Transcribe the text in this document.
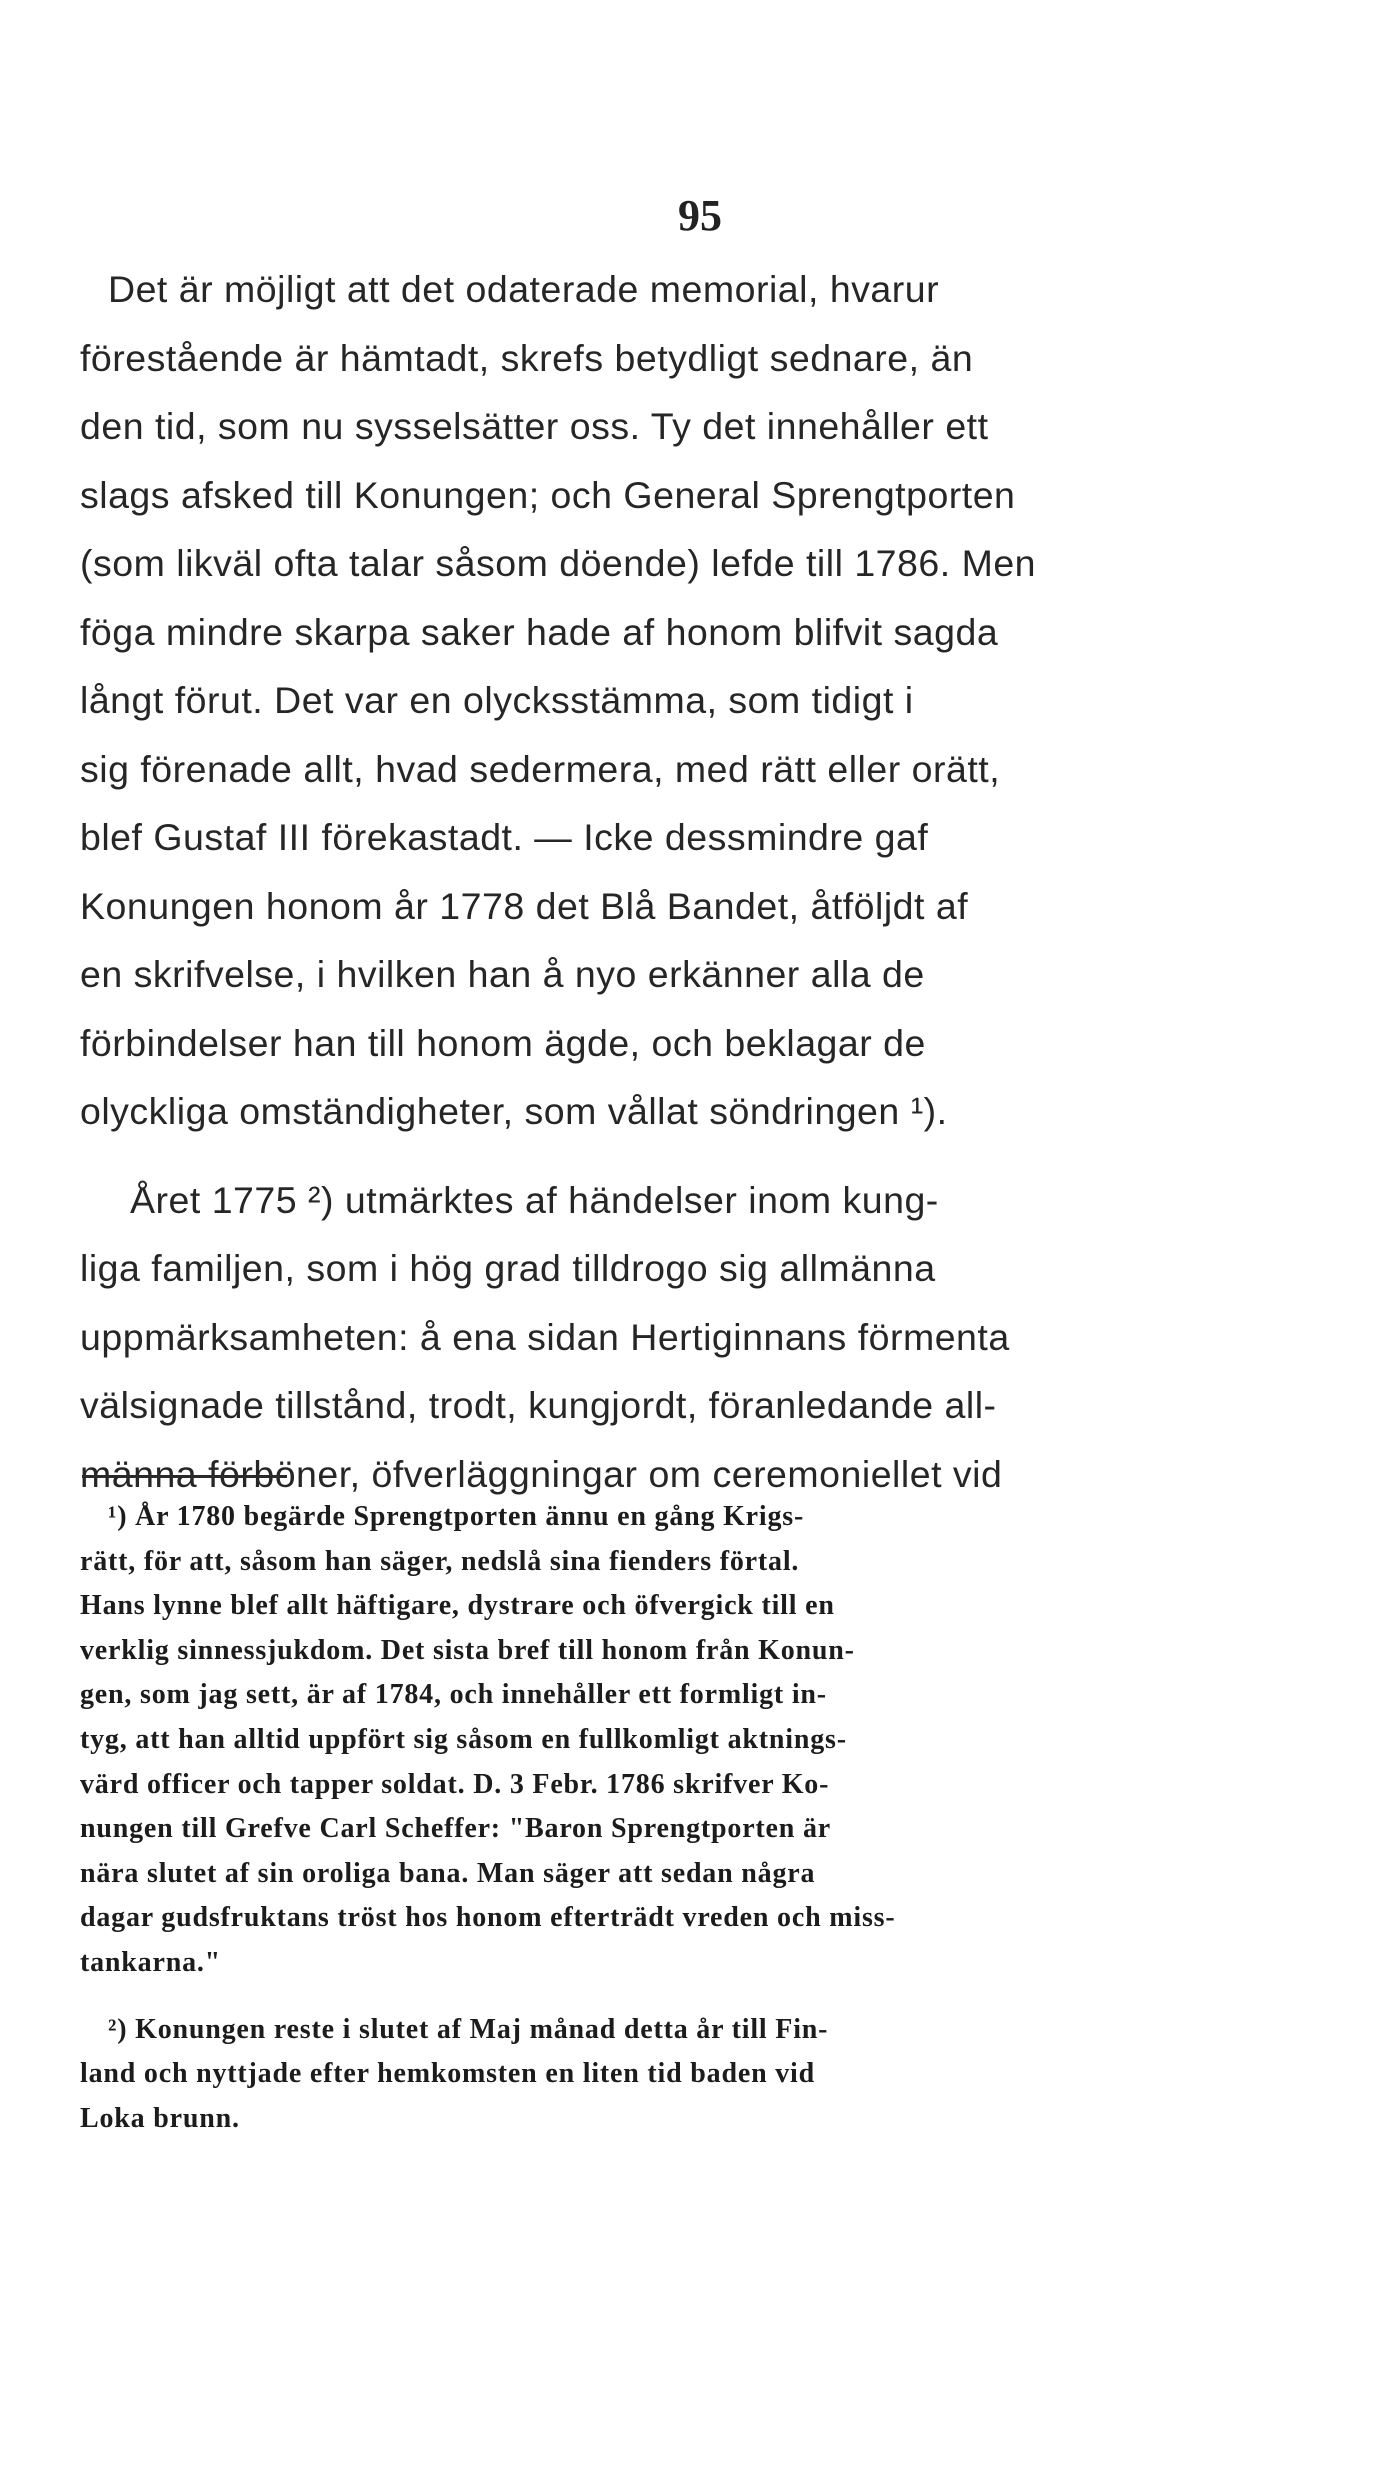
95
Det är möjligt att det odaterade memorial, hvarur
förestående är hämtadt, skrefs betydligt sednare, än
den tid, som nu sysselsätter oss. Ty det innehåller ett
slags afsked till Konungen; och General Sprengtporten
(som likväl ofta talar såsom döende) lefde till 1786. Men
föga mindre skarpa saker hade af honom blifvit sagda
långt förut. Det var en olycksstämma, som tidigt i
sig förenade allt, hvad sedermera, med rätt eller orätt,
blef Gustaf III förekastadt. — Icke dessmindre gaf
Konungen honom år 1778 det Blå Bandet, åtföljdt af
en skrifvelse, i hvilken han å nyo erkänner alla de
förbindelser han till honom ägde, och beklagar de
olyckliga omständigheter, som vållat söndringen ¹).
Året 1775 ²) utmärktes af händelser inom kung-
liga familjen, som i hög grad tilldrogo sig allmänna
uppmärksamheten: å ena sidan Hertiginnans förmenta
välsignade tillstånd, trodt, kungjordt, föranledande all-
männa förböner, öfverläggningar om ceremoniellet vid
¹) År 1780 begärde Sprengtporten ännu en gång Krigs-
rätt, för att, såsom han säger, nedslå sina fienders förtal.
Hans lynne blef allt häftigare, dystrare och öfvergick till en
verklig sinnessjukdom. Det sista bref till honom från Konun-
gen, som jag sett, är af 1784, och innehåller ett formligt in-
tyg, att han alltid uppfört sig såsom en fullkomligt aktnings-
värd officer och tapper soldat. D. 3 Febr. 1786 skrifver Ko-
nungen till Grefve Carl Scheffer: "Baron Sprengtporten är
nära slutet af sin oroliga bana. Man säger att sedan några
dagar gudsfruktans tröst hos honom efterträdt vreden och miss-
tankarna."
²) Konungen reste i slutet af Maj månad detta år till Fin-
land och nyttjade efter hemkomsten en liten tid baden vid
Loka brunn.
